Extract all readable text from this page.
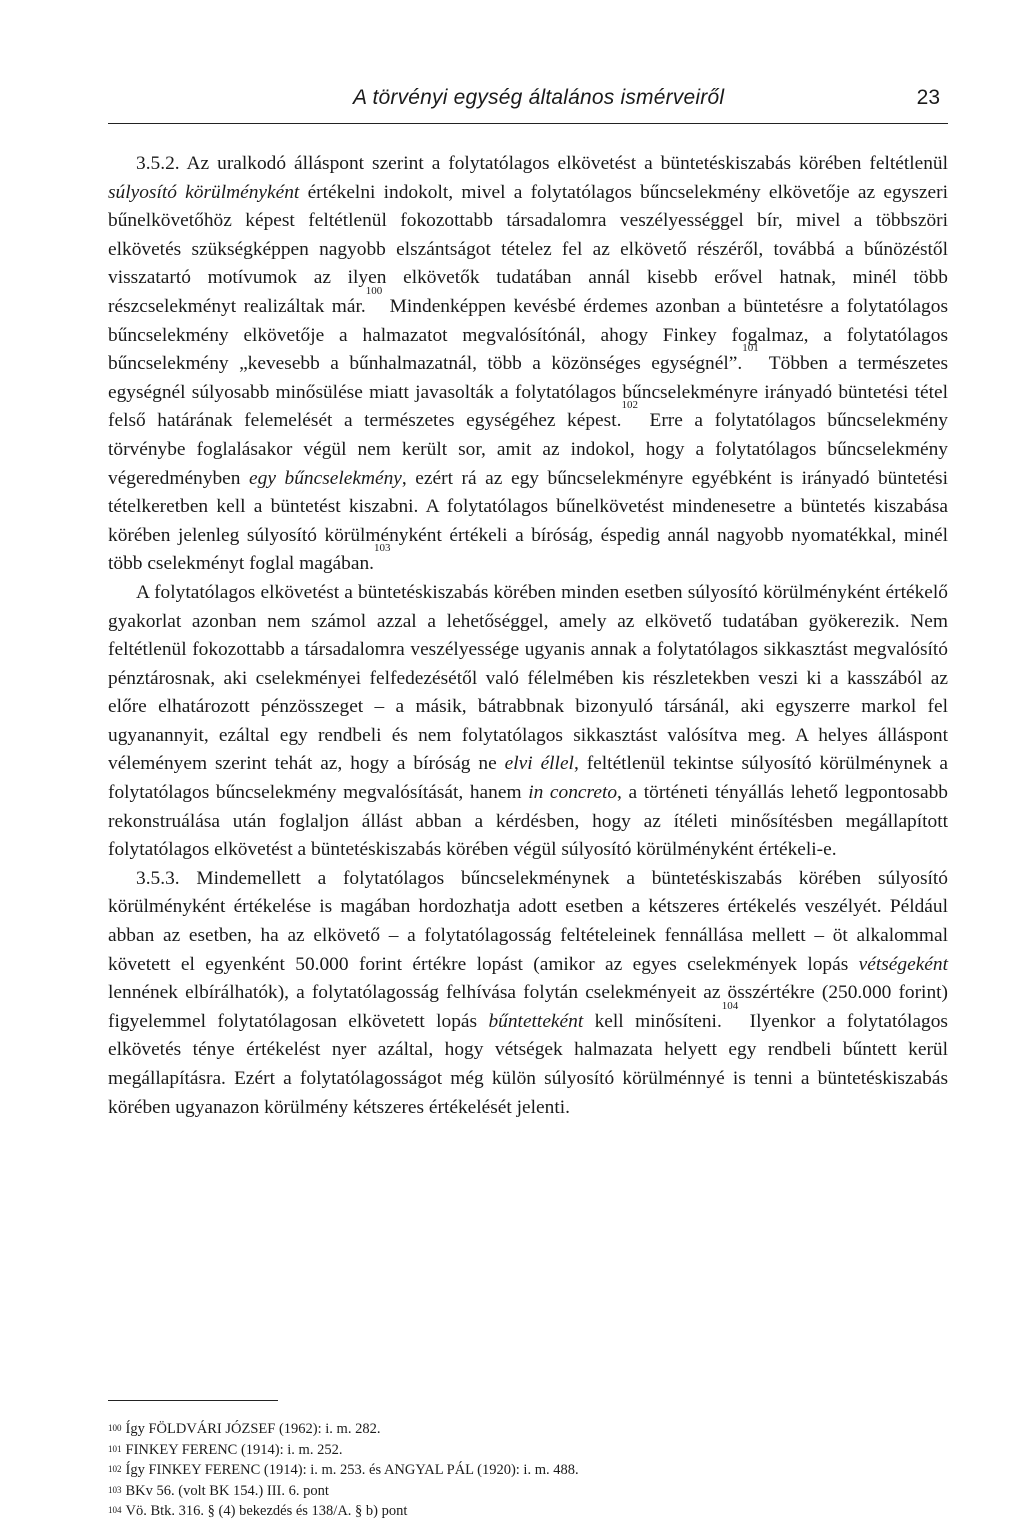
A törvényi egység általános ismérveiről	23

3.5.2. Az uralkodó álláspont szerint a folytatólagos elkövetést a büntetéskiszabás körében feltétlenül súlyosító körülményként értékelni indokolt, mivel a folytatólagos bűncselekmény elkövetője az egyszeri bűnelkövetőhöz képest feltétlenül fokozottabb társadalomra veszélyességgel bír, mivel a többszöri elkövetés szükségképpen nagyobb elszántságot tételez fel az elkövető részéről, továbbá a bűnözéstől visszatartó motívumok az ilyen elkövetők tudatában annál kisebb erővel hatnak, minél több részcselekményt realizáltak már.$^{100}$ Mindenképpen kevésbé érdemes azonban a büntetésre a folytatólagos bűncselekmény elkövetője a halmazatot megvalósítónál, ahogy Finkey fogalmaz, a folytatólagos bűncselekmény „kevesebb a bűnhalmazatnál, több a közönséges egységnél”.$^{101}$ Többen a természetes egységnél súlyosabb minősülése miatt javasolták a folytatólagos bűncselekményre irányadó büntetési tétel felső határának felemelését a természetes egységéhez képest.$^{102}$ Erre a folytatólagos bűncselekmény törvénybe foglalásakor végül nem került sor, amit az indokol, hogy a folytatólagos bűncselekmény végeredményben egy bűncselekmény, ezért rá az egy bűncselekményre egyébként is irányadó büntetési tételkeretben kell a büntetést kiszabni. A folytatólagos bűnelkövetést mindenesetre a büntetés kiszabása körében jelenleg súlyosító körülményként értékeli a bíróság, éspedig annál nagyobb nyomatékkal, minél több cselekményt foglal magában.$^{103}$

A folytatólagos elkövetést a büntetéskiszabás körében minden esetben súlyosító körülményként értékelő gyakorlat azonban nem számol azzal a lehetőséggel, amely az elkövető tudatában gyökerezik. Nem feltétlenül fokozottabb a társadalomra veszélyessége ugyanis annak a folytatólagos sikkasztást megvalósító pénztárosnak, aki cselekményei felfedezésétől való félelmében kis részletekben veszi ki a kasszából az előre elhatározott pénzösszeget – a másik, bátrabbnak bizonyuló társánál, aki egyszerre markol fel ugyanannyit, ezáltal egy rendbeli és nem folytatólagos sikkasztást valósítva meg. A helyes álláspont véleményem szerint tehát az, hogy a bíróság ne elvi éllel, feltétlenül tekintse súlyosító körülménynek a folytatólagos bűncselekmény megvalósítását, hanem in concreto, a történeti tényállás lehető legpontosabb rekonstruálása után foglaljon állást abban a kérdésben, hogy az ítéleti minősítésben megállapított folytatólagos elkövetést a büntetéskiszabás körében végül súlyosító körülményként értékeli-e.

3.5.3. Mindemellett a folytatólagos bűncselekménynek a büntetéskiszabás körében súlyosító körülményként értékelése is magában hordozhatja adott esetben a kétszeres értékelés veszélyét. Például abban az esetben, ha az elkövető – a folytatólagosság feltételeinek fennállása mellett – öt alkalommal követett el egyenként 50.000 forint értékre lopást (amikor az egyes cselekmények lopás vétségeként lennének elbírálhatók), a folytatólagosság felhívása folytán cselekményeit az összértékre (250.000 forint) figyelemmel folytatólagosan elkövetett lopás bűntetteként kell minősíteni.$^{104}$ Ilyenkor a folytatólagos elkövetés ténye értékelést nyer azáltal, hogy vétségek halmazata helyett egy rendbeli bűntett kerül megállapításra. Ezért a folytatólagosságot még külön súlyosító körülménnyé is tenni a büntetéskiszabás körében ugyanazon körülmény kétszeres értékelését jelenti.

$^{100}$ Így FÖLDVÁRI JÓZSEF (1962): i. m. 282.

$^{101}$ FINKEY FERENC (1914): i. m. 252.

$^{102}$ Így FINKEY FERENC (1914): i. m. 253. és ANGYAL PÁL (1920): i. m. 488.

$^{103}$ BKv 56. (volt BK 154.) III. 6. pont

$^{104}$ Vö. Btk. 316. § (4) bekezdés és 138/A. § b) pont
